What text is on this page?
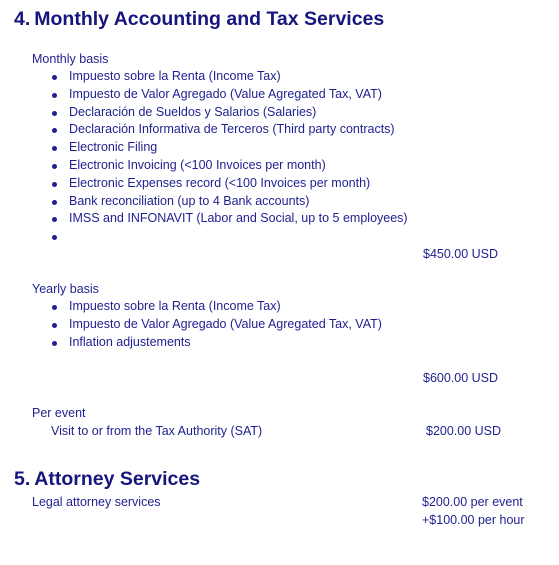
4. Monthly Accounting and Tax Services
Monthly basis
Impuesto sobre la Renta (Income Tax)
Impuesto de Valor Agregado (Value Agregated Tax, VAT)
Declaración de Sueldos y Salarios (Salaries)
Declaración Informativa de Terceros (Third party contracts)
Electronic Filing
Electronic Invoicing (<100 Invoices per month)
Electronic Expenses record (<100 Invoices per month)
Bank reconciliation (up to 4 Bank accounts)
IMSS and INFONAVIT (Labor and Social, up to 5 employees)
$450.00 USD
Yearly basis
Impuesto sobre la Renta (Income Tax)
Impuesto de Valor Agregado (Value Agregated Tax, VAT)
Inflation adjustements
$600.00 USD
Per event
Visit to or from the Tax Authority (SAT)	$200.00 USD
5. Attorney Services
Legal attorney services	$200.00 per event
+$100.00 per hour
